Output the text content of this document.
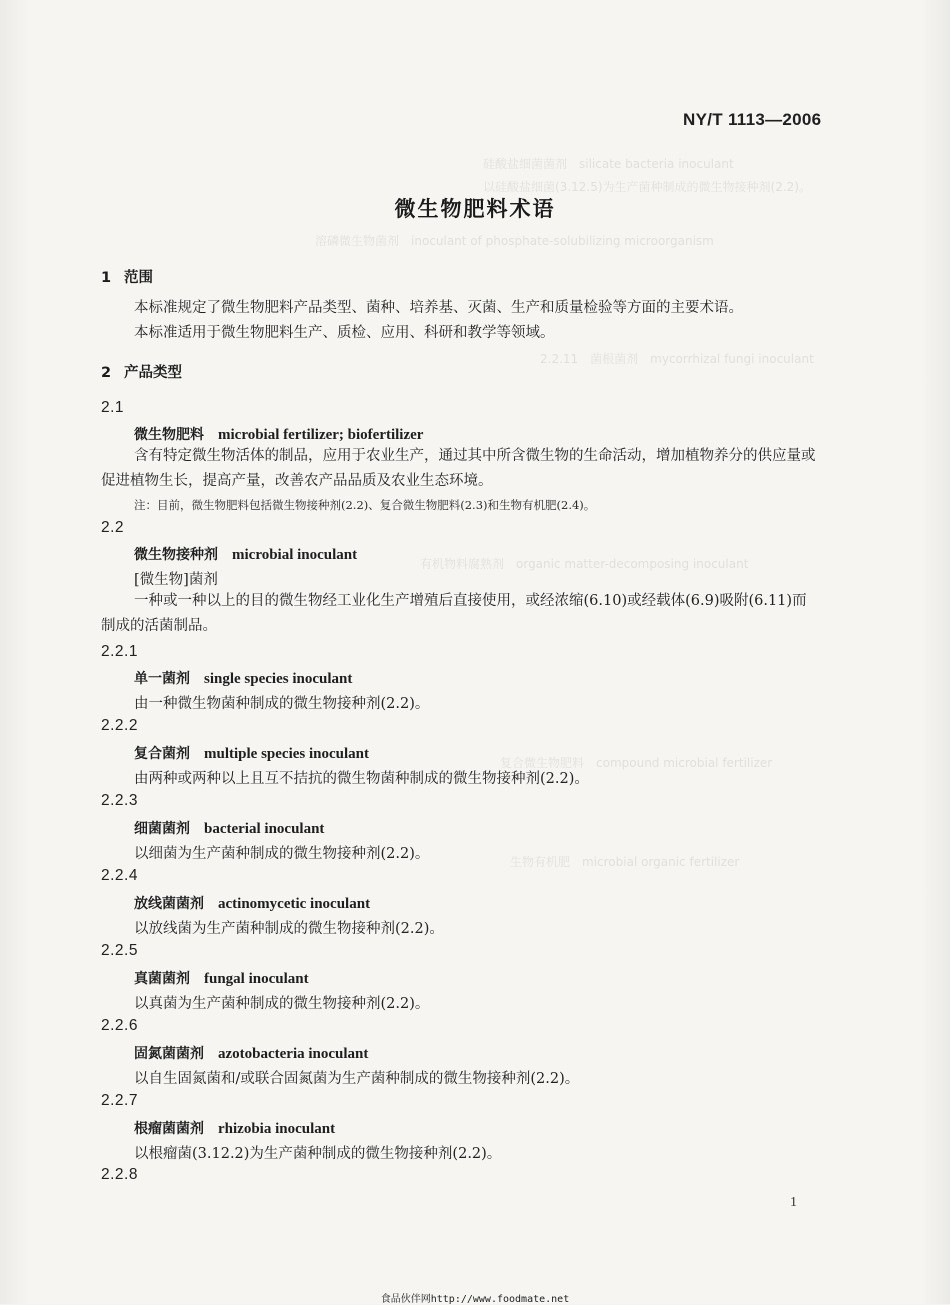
硅酸盐细菌菌剂　silicate bacteria inoculant
以硅酸盐细菌(3.12.5)为生产菌种制成的微生物接种剂(2.2)。
溶磷微生物菌剂　inoculant of phosphate-solubilizing microorganism
2.2.11　菌根菌剂　mycorrhizal fungi inoculant
有机物料腐熟剂　organic matter-decomposing inoculant
复合微生物肥料　compound microbial fertilizer
生物有机肥　microbial organic fertilizer
NY/T 1113—2006
微生物肥料术语
1 范围
本标准规定了微生物肥料产品类型、菌种、培养基、灭菌、生产和质量检验等方面的主要术语。
本标准适用于微生物肥料生产、质检、应用、科研和教学等领域。
2 产品类型
2.1
微生物肥料 microbial fertilizer; biofertilizer
含有特定微生物活体的制品，应用于农业生产，通过其中所含微生物的生命活动，增加植物养分的供应量或促进植物生长，提高产量，改善农产品品质及农业生态环境。
注：目前，微生物肥料包括微生物接种剂(2.2)、复合微生物肥料(2.3)和生物有机肥(2.4)。
2.2
微生物接种剂 microbial inoculant
[微生物]菌剂
一种或一种以上的目的微生物经工业化生产增殖后直接使用，或经浓缩(6.10)或经载体(6.9)吸附(6.11)而制成的活菌制品。
2.2.1
单一菌剂 single species inoculant
由一种微生物菌种制成的微生物接种剂(2.2)。
2.2.2
复合菌剂 multiple species inoculant
由两种或两种以上且互不拮抗的微生物菌种制成的微生物接种剂(2.2)。
2.2.3
细菌菌剂 bacterial inoculant
以细菌为生产菌种制成的微生物接种剂(2.2)。
2.2.4
放线菌菌剂 actinomycetic inoculant
以放线菌为生产菌种制成的微生物接种剂(2.2)。
2.2.5
真菌菌剂 fungal inoculant
以真菌为生产菌种制成的微生物接种剂(2.2)。
2.2.6
固氮菌菌剂 azotobacteria inoculant
以自生固氮菌和/或联合固氮菌为生产菌种制成的微生物接种剂(2.2)。
2.2.7
根瘤菌菌剂 rhizobia inoculant
以根瘤菌(3.12.2)为生产菌种制成的微生物接种剂(2.2)。
2.2.8
1
食品伙伴网http://www.foodmate.net
